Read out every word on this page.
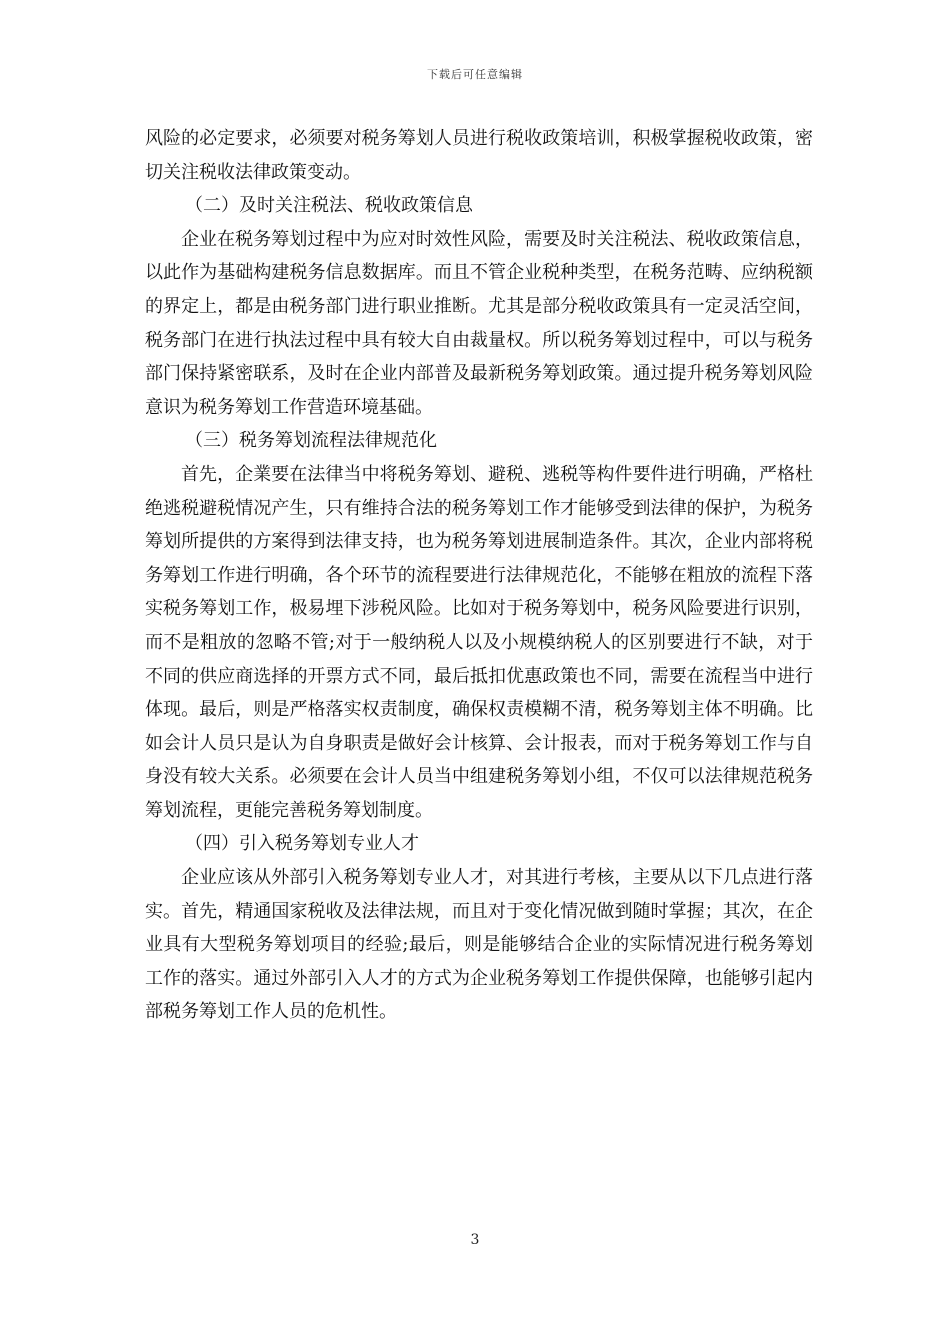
下载后可任意编辑

风险的必定要求，必须要对税务筹划人员进行税收政策培训，积极掌握税收政策，密切关注税收法律政策变动。

（二）及时关注税法、税收政策信息

企业在税务筹划过程中为应对时效性风险，需要及时关注税法、税收政策信息，以此作为基础构建税务信息数据库。而且不管企业税种类型，在税务范畴、应纳税额的界定上，都是由税务部门进行职业推断。尤其是部分税收政策具有一定灵活空间，税务部门在进行执法过程中具有较大自由裁量权。所以税务筹划过程中，可以与税务部门保持紧密联系，及时在企业内部普及最新税务筹划政策。通过提升税务筹划风险意识为税务筹划工作营造环境基础。

（三）税务筹划流程法律规范化

首先，企業要在法律当中将税务筹划、避税、逃税等构件要件进行明确，严格杜绝逃税避税情况产生，只有维持合法的税务筹划工作才能够受到法律的保护，为税务筹划所提供的方案得到法律支持，也为税务筹划进展制造条件。其次，企业内部将税务筹划工作进行明确，各个环节的流程要进行法律规范化，不能够在粗放的流程下落实税务筹划工作，极易埋下涉税风险。比如对于税务筹划中，税务风险要进行识别，而不是粗放的忽略不管;对于一般纳税人以及小规模纳税人的区别要进行不缺，对于不同的供应商选择的开票方式不同，最后抵扣优惠政策也不同，需要在流程当中进行体现。最后，则是严格落实权责制度，确保权责模糊不清，税务筹划主体不明确。比如会计人员只是认为自身职责是做好会计核算、会计报表，而对于税务筹划工作与自身没有较大关系。必须要在会计人员当中组建税务筹划小组，不仅可以法律规范税务筹划流程，更能完善税务筹划制度。

（四）引入税务筹划专业人才

企业应该从外部引入税务筹划专业人才，对其进行考核，主要从以下几点进行落实。首先，精通国家税收及法律法规，而且对于变化情况做到随时掌握；其次，在企业具有大型税务筹划项目的经验;最后，则是能够结合企业的实际情况进行税务筹划工作的落实。通过外部引入人才的方式为企业税务筹划工作提供保障，也能够引起内部税务筹划工作人员的危机性。

3
